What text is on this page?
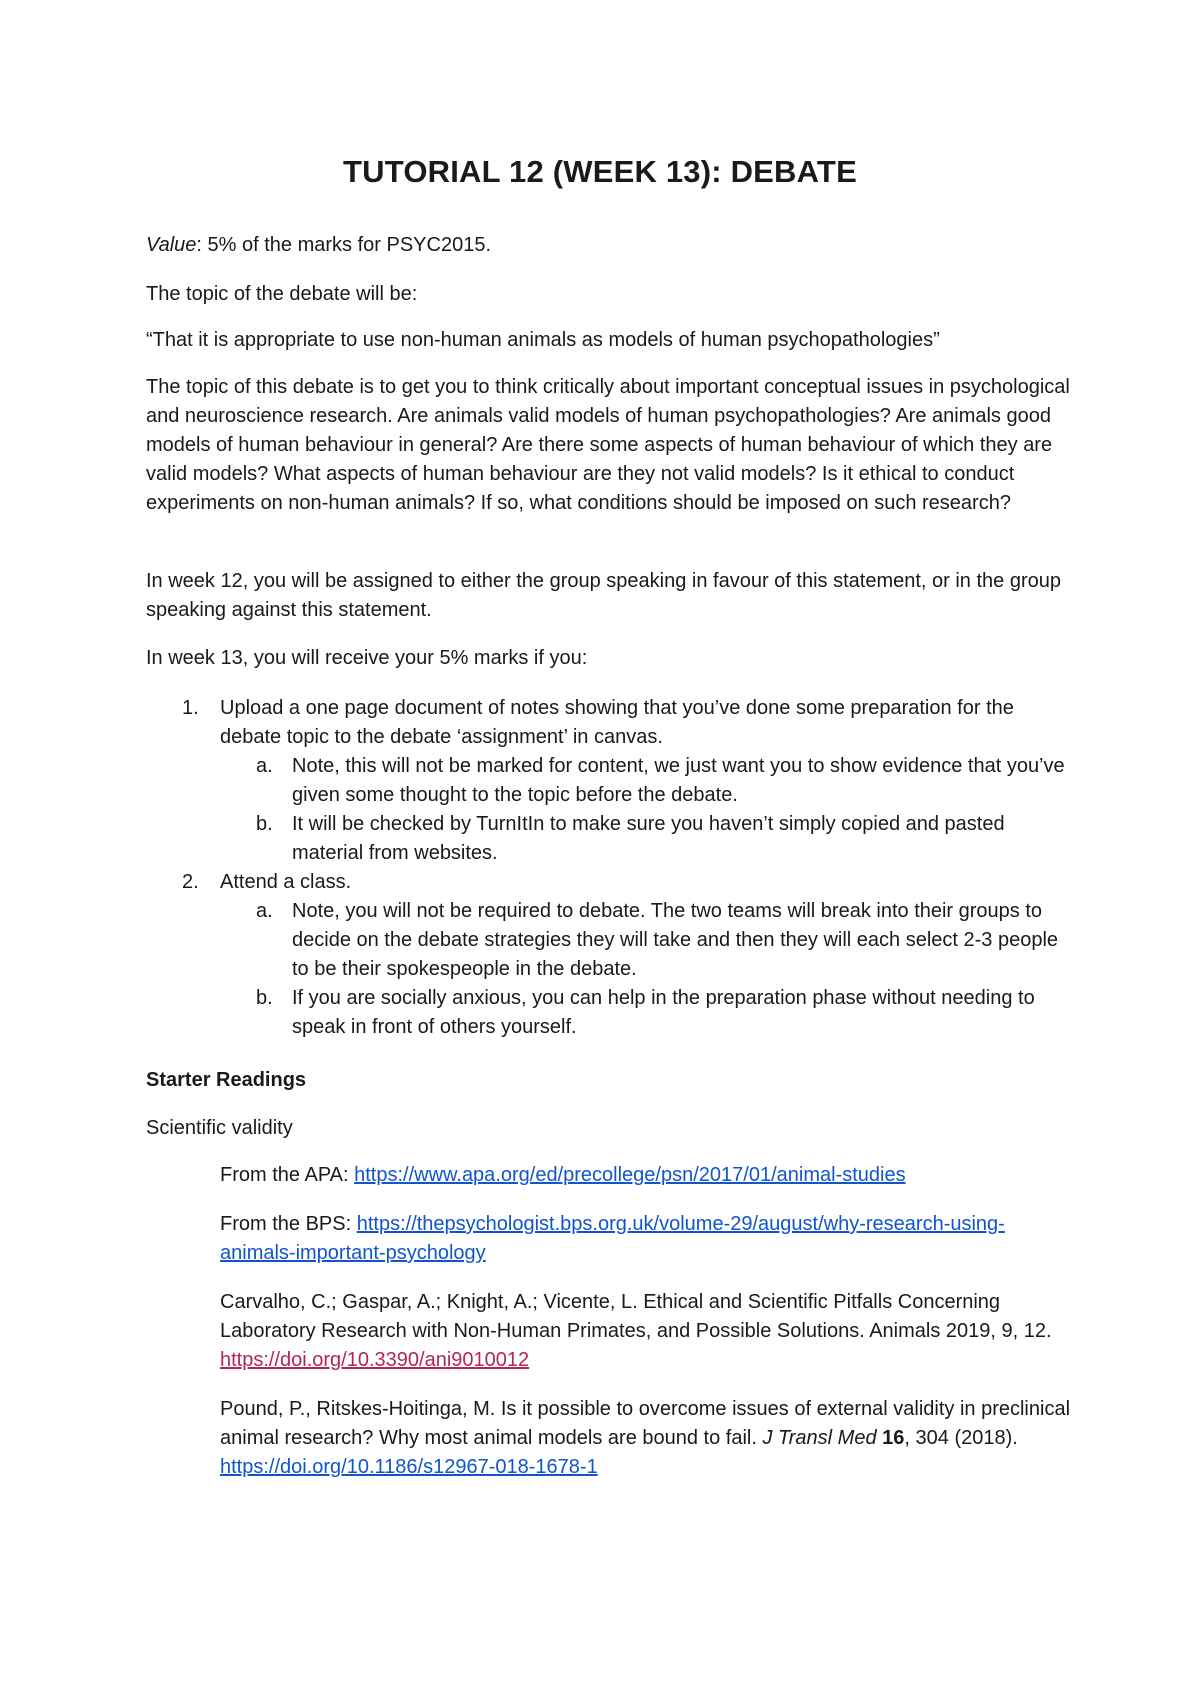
TUTORIAL 12 (WEEK 13): DEBATE

Value: 5% of the marks for PSYC2015.

The topic of the debate will be:

“That it is appropriate to use non-human animals as models of human psychopathologies”

The topic of this debate is to get you to think critically about important conceptual issues in psychological and neuroscience research. Are animals valid models of human psychopathologies? Are animals good models of human behaviour in general? Are there some aspects of human behaviour of which they are valid models? What aspects of human behaviour are they not valid models? Is it ethical to conduct experiments on non-human animals? If so, what conditions should be imposed on such research?

In week 12, you will be assigned to either the group speaking in favour of this statement, or in the group speaking against this statement.

In week 13, you will receive your 5% marks if you:

1. Upload a one page document of notes showing that you’ve done some preparation for the debate topic to the debate ‘assignment’ in canvas.
a. Note, this will not be marked for content, we just want you to show evidence that you’ve given some thought to the topic before the debate.
b. It will be checked by TurnItIn to make sure you haven’t simply copied and pasted material from websites.
2. Attend a class.
a. Note, you will not be required to debate. The two teams will break into their groups to decide on the debate strategies they will take and then they will each select 2-3 people to be their spokespeople in the debate.
b. If you are socially anxious, you can help in the preparation phase without needing to speak in front of others yourself.

Starter Readings

Scientific validity

From the APA: https://www.apa.org/ed/precollege/psn/2017/01/animal-studies

From the BPS: https://thepsychologist.bps.org.uk/volume-29/august/why-research-using-animals-important-psychology

Carvalho, C.; Gaspar, A.; Knight, A.; Vicente, L. Ethical and Scientific Pitfalls Concerning Laboratory Research with Non-Human Primates, and Possible Solutions. Animals 2019, 9, 12. https://doi.org/10.3390/ani9010012

Pound, P., Ritskes-Hoitinga, M. Is it possible to overcome issues of external validity in preclinical animal research? Why most animal models are bound to fail. J Transl Med 16, 304 (2018). https://doi.org/10.1186/s12967-018-1678-1
